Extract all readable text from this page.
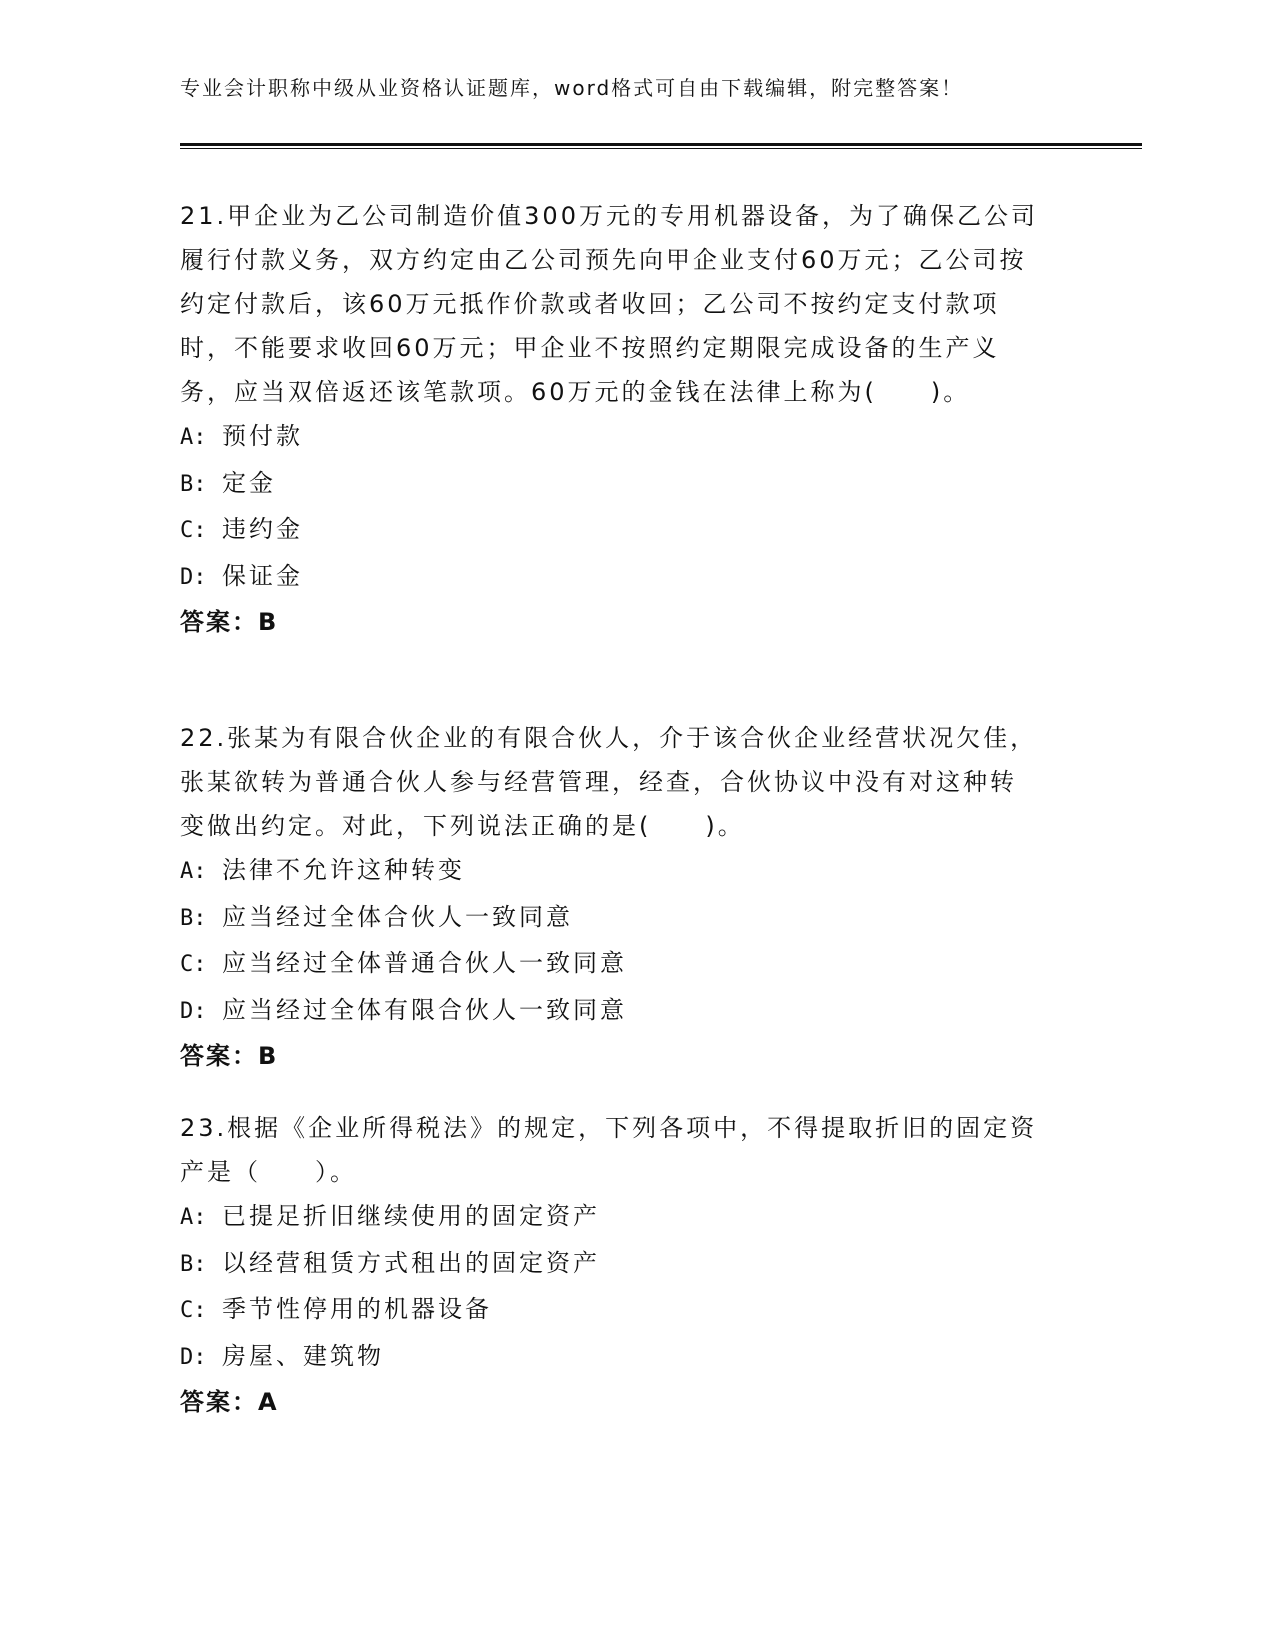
专业会计职称中级从业资格认证题库，word格式可自由下载编辑，附完整答案！

21.甲企业为乙公司制造价值300万元的专用机器设备，为了确保乙公司履行付款义务，双方约定由乙公司预先向甲企业支付60万元；乙公司按约定付款后，该60万元抵作价款或者收回；乙公司不按约定支付款项时，不能要求收回60万元；甲企业不按照约定期限完成设备的生产义务，应当双倍返还该笔款项。60万元的金钱在法律上称为(　　)。

A: 预付款
B: 定金
C: 违约金
D: 保证金
答案：B

22.张某为有限合伙企业的有限合伙人，介于该合伙企业经营状况欠佳，张某欲转为普通合伙人参与经营管理，经查，合伙协议中没有对这种转变做出约定。对此，下列说法正确的是(　　)。

A: 法律不允许这种转变
B: 应当经过全体合伙人一致同意
C: 应当经过全体普通合伙人一致同意
D: 应当经过全体有限合伙人一致同意
答案：B

23.根据《企业所得税法》的规定，下列各项中，不得提取折旧的固定资产是（　　）。

A: 已提足折旧继续使用的固定资产
B: 以经营租赁方式租出的固定资产
C: 季节性停用的机器设备
D: 房屋、建筑物
答案：A
